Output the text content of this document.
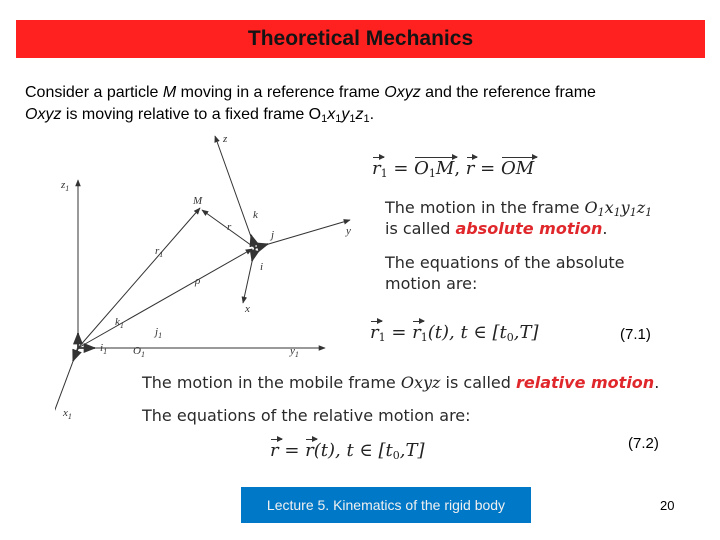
Theoretical Mechanics
Consider a particle M moving in a reference frame Oxyz and the reference frame
Oxyz is moving relative to a fixed frame $O_1x_1y_1z_1$.
z
$z_1$
M
k
y
r
$r_1$
ρ
j
i
x
$k_1$
$j_1$
$i_1$ $O_1$	$y_1$
$x_1$
$r_1 = O_1M$, r = OM
The motion in the frame $O_1x_1y_1z_1$
is called absolute motion.
The equations of the absolute motion are:
$r_1 = r_1(t)$, t ∈ $[t_0,T]$	(7.1)
The motion in the mobile frame Oxyz is called relative motion.
The equations of the relative motion are:
r = r(t), t ∈ $[t_0,T]$	(7.2)
Lecture 5. Kinematics of the rigid body	20
